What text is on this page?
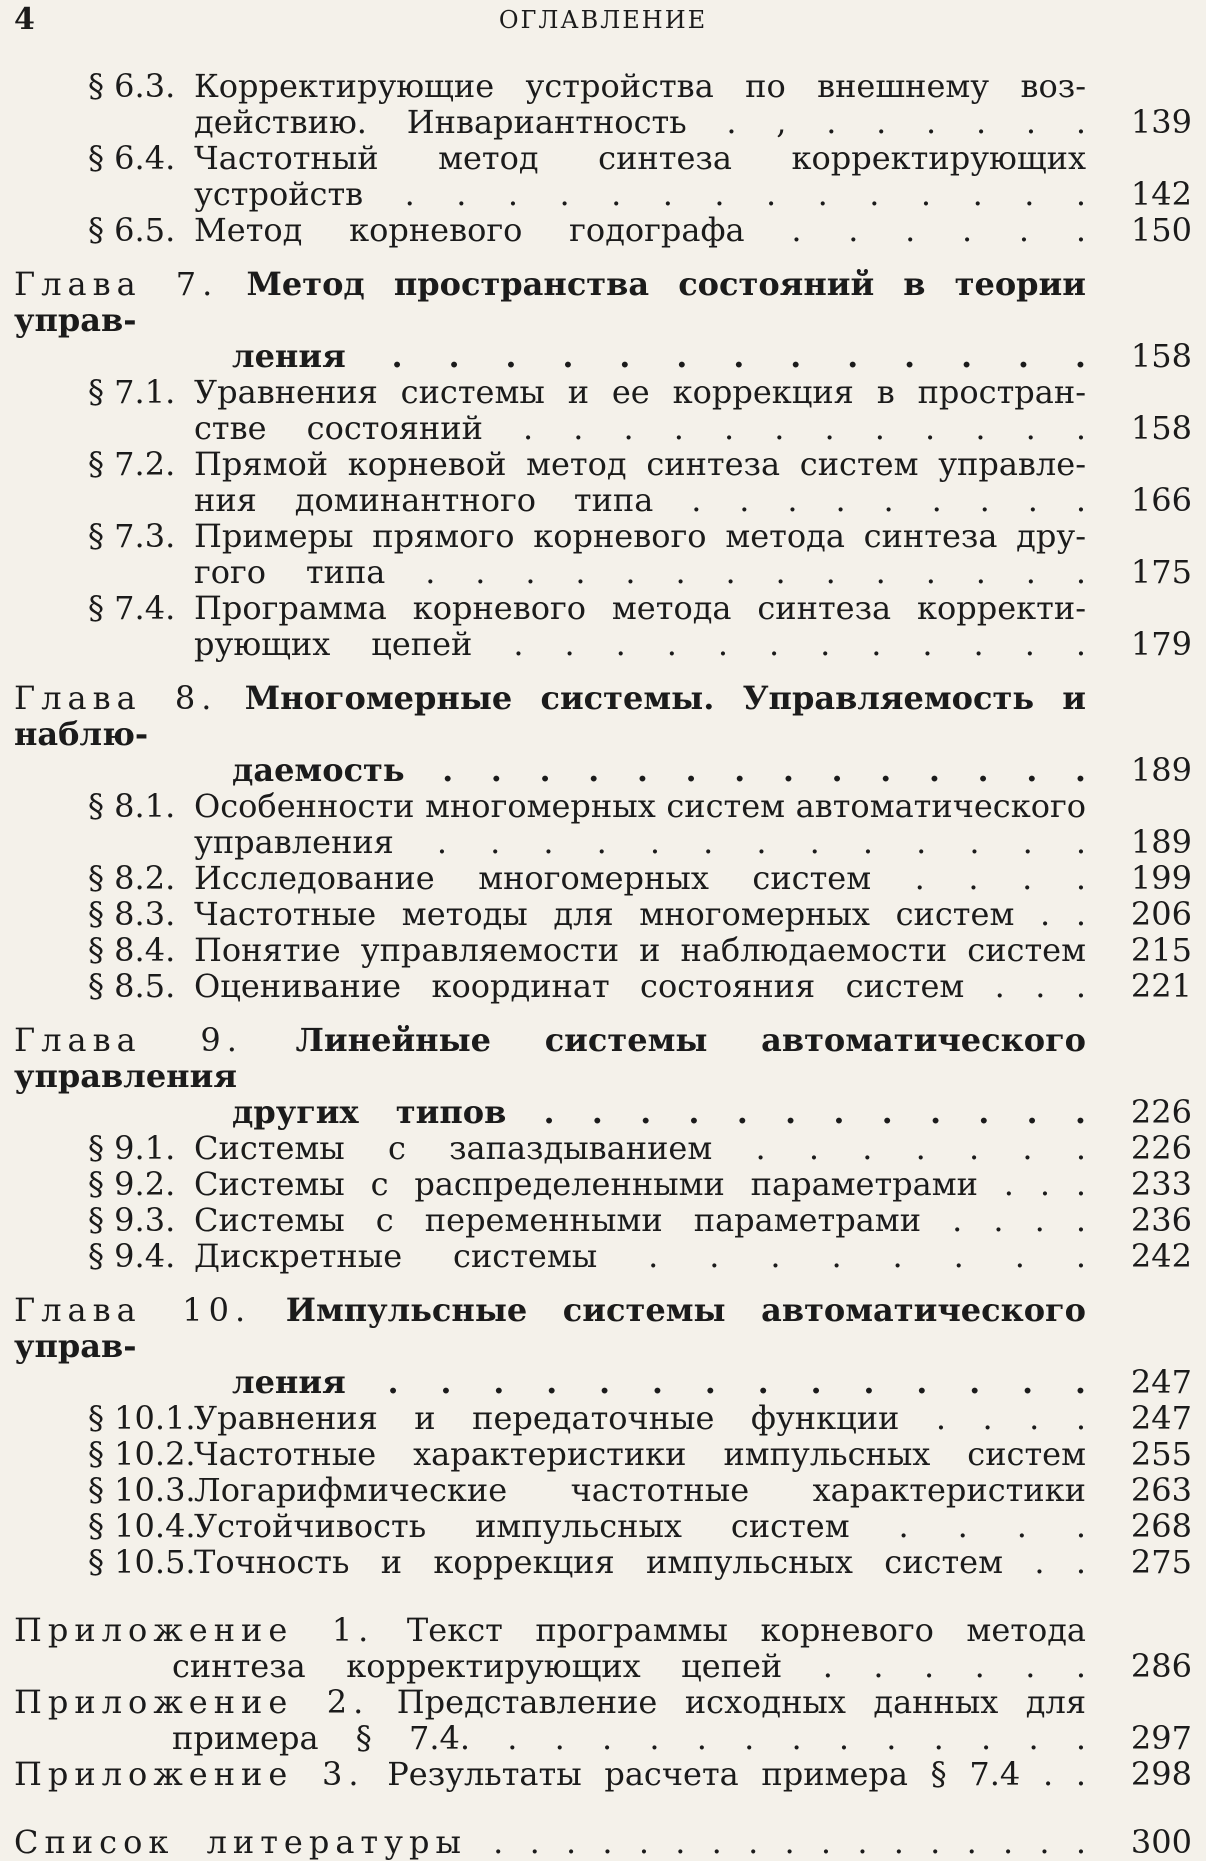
4	ОГЛАВЛЕНИЕ
§ 6.3. Корректирующие устройства по внешнему воз-
действию. Инвариантность . , . . . . . . 139
§ 6.4. Частотный метод синтеза корректирующих
устройств . . . . . . . . . . . . . . 142
§ 6.5. Метод корневого годографа . . . . . . 150
Глава 7. Метод пространства состояний в теории управ-
ления . . . . . . . . . . . . . 158
§ 7.1. Уравнения системы и ее коррекция в простран-
стве состояний . . . . . . . . . . . . 158
§ 7.2. Прямой корневой метод синтеза систем управле-
ния доминантного типа . . . . . . . . . 166
§ 7.3. Примеры прямого корневого метода синтеза дру-
гого типа . . . . . . . . . . . . . . 175
§ 7.4. Программа корневого метода синтеза корректи-
рующих цепей . . . . . . . . . . . . 179
Глава 8. Многомерные системы. Управляемость и наблю-
даемость . . . . . . . . . . . . . . 189
§ 8.1. Особенности многомерных систем автоматического
управления . . . . . . . . . . . . . 189
§ 8.2. Исследование многомерных систем . . . . 199
§ 8.3. Частотные методы для многомерных систем . . 206
§ 8.4. Понятие управляемости и наблюдаемости систем 215
§ 8.5. Оценивание координат состояния систем . . . 221
Глава 9. Линейные системы автоматического управления
других типов . . . . . . . . . . . . 226
§ 9.1. Системы с запаздыванием . . . . . . . 226
§ 9.2. Системы с распределенными параметрами . . . 233
§ 9.3. Системы с переменными параметрами . . . . 236
§ 9.4. Дискретные системы . . . . . . . . 242
Глава 10. Импульсные системы автоматического управ-
ления . . . . . . . . . . . . . . 247
§ 10.1.
Уравнения и передаточные функции . . . . 247
§ 10.2.
Частотные характеристики импульсных систем 255
§ 10.3.
Логарифмические частотные характеристики 263
§ 10.4.
Устойчивость импульсных систем . . . . 268
§ 10.5.
Точность и коррекция импульсных систем . . 275
Приложение 1. Текст программы корневого метода
синтеза корректирующих цепей . . . . . . 286
Приложение 2. Представление исходных данных для
примера § 7.4. . . . . . . . . . . . . . 297
Приложение 3. Результаты расчета примера § 7.4 . . 298
Список литературы . . . . . . . . . . . . . . . . . 300
